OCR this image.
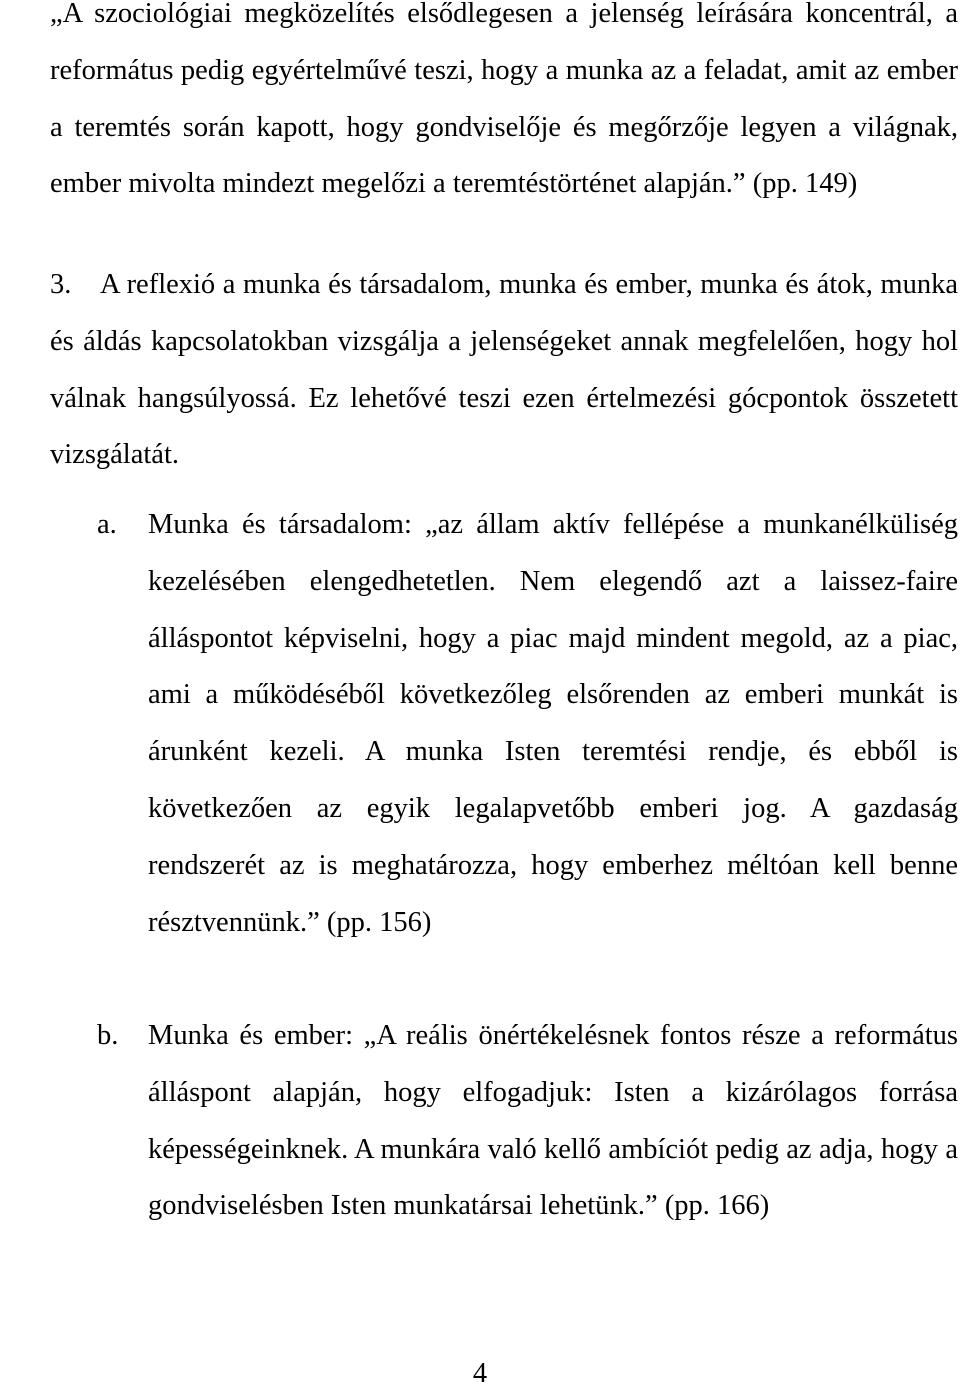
„A szociológiai megközelítés elsődlegesen a jelenség leírására koncentrál, a református pedig egyértelművé teszi, hogy a munka az a feladat, amit az ember a teremtés során kapott, hogy gondviselője és megőrzője legyen a világnak, ember mivolta mindezt megelőzi a teremtéstörténet alapján.” (pp. 149)

3.	A reflexió a munka és társadalom, munka és ember, munka és átok, munka és áldás kapcsolatokban vizsgálja a jelenségeket annak megfelelően, hogy hol válnak hangsúlyossá. Ez lehetővé teszi ezen értelmezési gócpontok összetett vizsgálatát.
a. Munka és társadalom: „az állam aktív fellépése a munkanélküliség kezelésében elengedhetetlen. Nem elegendő azt a laissez-faire álláspontot képviselni, hogy a piac majd mindent megold, az a piac, ami a működéséből következőleg elsőrenden az emberi munkát is árunként kezeli. A munka Isten teremtési rendje, és ebből is következően az egyik legalapvetőbb emberi jog. A gazdaság rendszerét az is meghatározza, hogy emberhez méltóan kell benne résztvennünk.” (pp. 156)
b. Munka és ember: „A reális önértékelésnek fontos része a református álláspont alapján, hogy elfogadjuk: Isten a kizárólagos forrása képességeinknek. A munkára való kellő ambíciót pedig az adja, hogy a gondviselésben Isten munkatársai lehetünk.” (pp. 166)
4
